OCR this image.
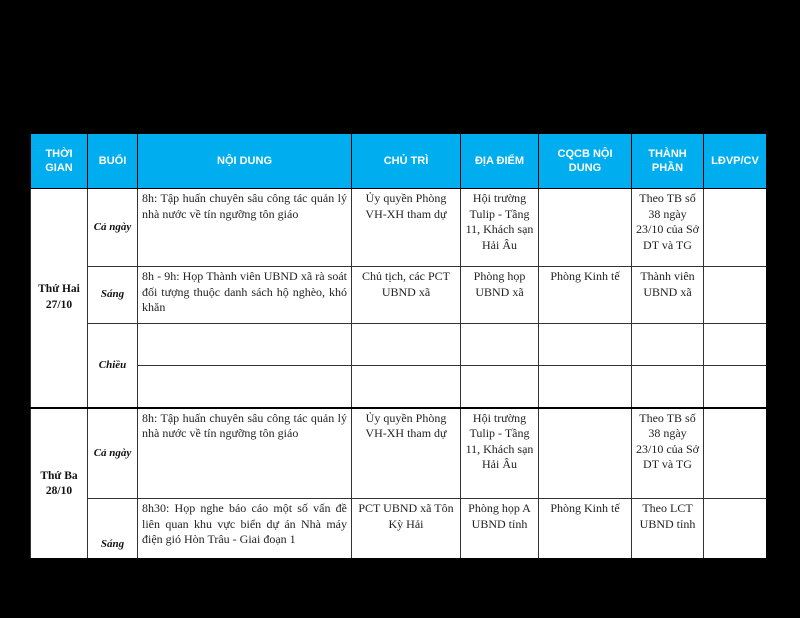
THỜI GIAN	BUỔI	NỘI DUNG	CHỦ TRÌ	ĐỊA ĐIỂM	CQCB NỘI DUNG	THÀNH PHẦN	LĐVP/CV
Thứ Hai
27/10	Cả ngày	8h: Tập huấn chuyên sâu công tác quản lý nhà nước về tín ngưỡng tôn giáo	Ủy quyền Phòng VH-XH tham dự	Hội trường Tulip - Tầng 11, Khách sạn Hải Âu		Theo TB số 38 ngày 23/10 của Sở DT và TG	
	Sáng	8h - 9h: Họp Thành viên UBND xã rà soát đối tượng thuộc danh sách hộ nghèo, khó khăn	Chủ tịch, các PCT UBND xã	Phòng họp UBND xã	Phòng Kinh tế	Thành viên UBND xã	
	Chiều						

Thứ Ba
28/10	Cả ngày	8h: Tập huấn chuyên sâu công tác quản lý nhà nước về tín ngưỡng tôn giáo	Ủy quyền Phòng VH-XH tham dự	Hội trường Tulip - Tầng 11, Khách sạn Hải Âu		Theo TB số 38 ngày 23/10 của Sở DT và TG	
	Sáng	8h30: Họp nghe báo cáo một số vấn đề liên quan khu vực biển dự án Nhà máy điện gió Hòn Trâu - Giai đoạn 1	PCT UBND xã Tôn Kỳ Hải	Phòng họp A UBND tỉnh	Phòng Kinh tế	Theo LCT UBND tỉnh	
